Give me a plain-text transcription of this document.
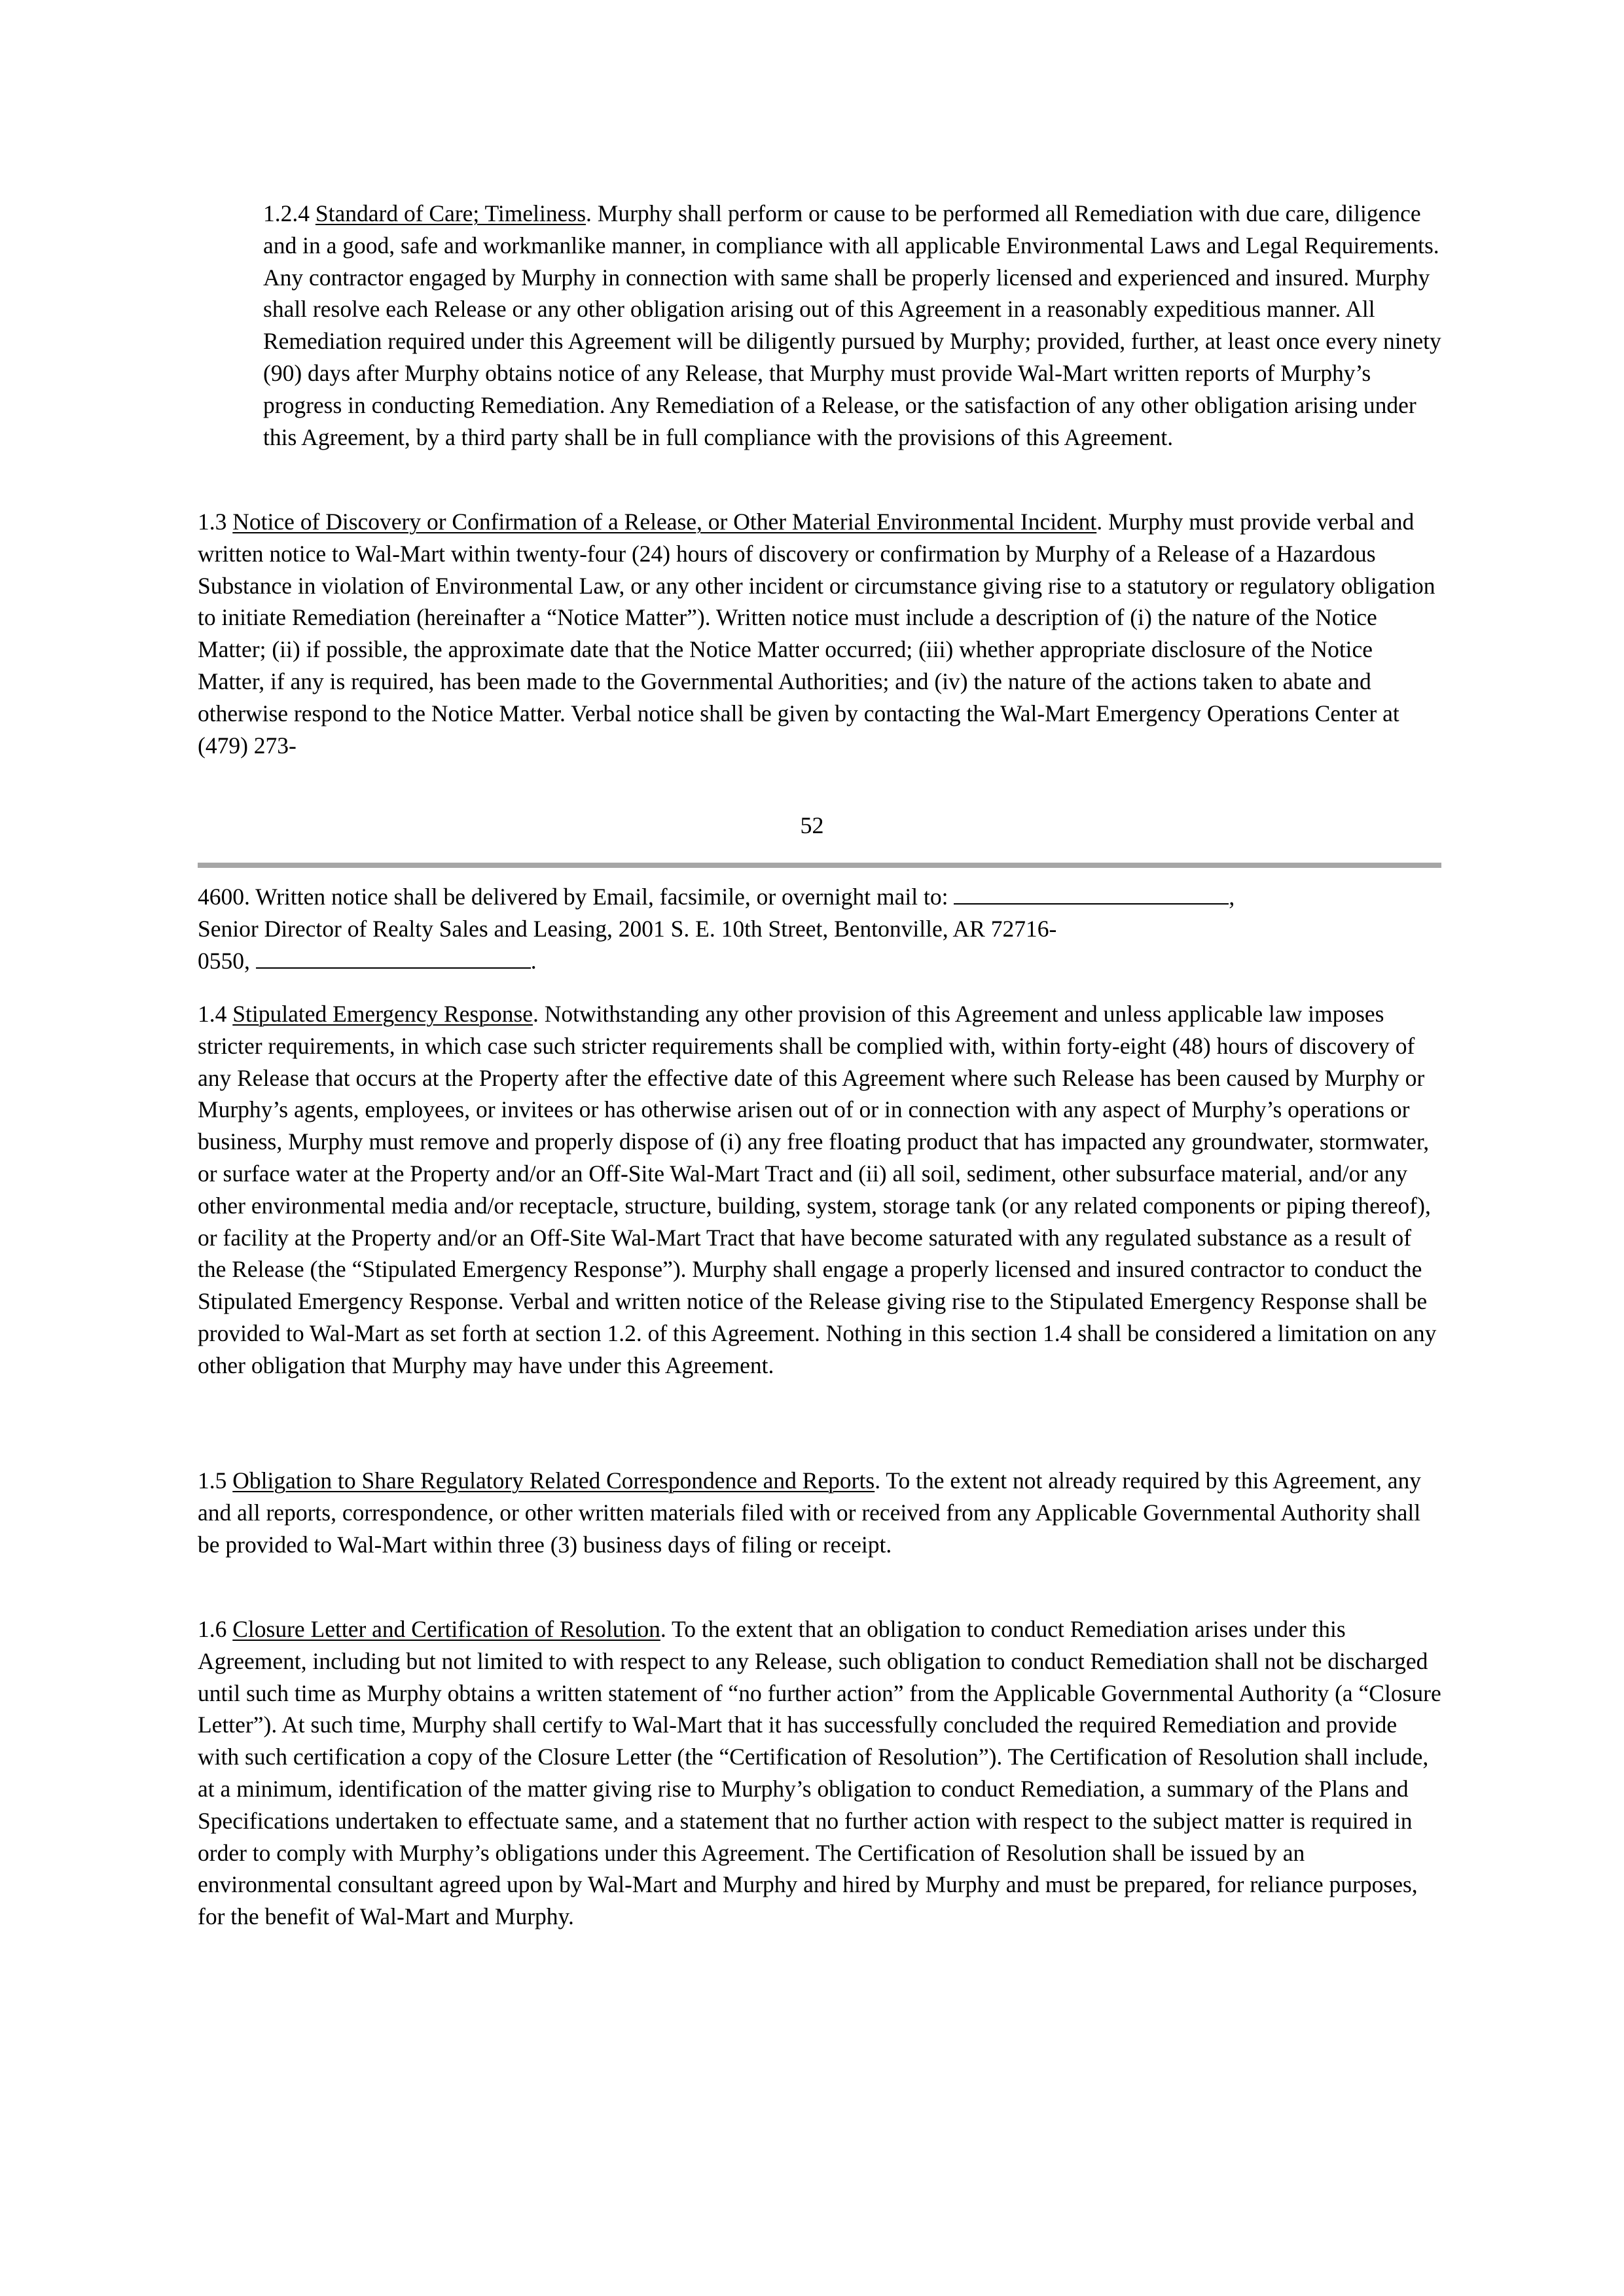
1.2.4 Standard of Care; Timeliness. Murphy shall perform or cause to be performed all Remediation with due care, diligence and in a good, safe and workmanlike manner, in compliance with all applicable Environmental Laws and Legal Requirements. Any contractor engaged by Murphy in connection with same shall be properly licensed and experienced and insured. Murphy shall resolve each Release or any other obligation arising out of this Agreement in a reasonably expeditious manner. All Remediation required under this Agreement will be diligently pursued by Murphy; provided, further, at least once every ninety (90) days after Murphy obtains notice of any Release, that Murphy must provide Wal-Mart written reports of Murphy’s progress in conducting Remediation. Any Remediation of a Release, or the satisfaction of any other obligation arising under this Agreement, by a third party shall be in full compliance with the provisions of this Agreement.

1.3 Notice of Discovery or Confirmation of a Release, or Other Material Environmental Incident. Murphy must provide verbal and written notice to Wal-Mart within twenty-four (24) hours of discovery or confirmation by Murphy of a Release of a Hazardous Substance in violation of Environmental Law, or any other incident or circumstance giving rise to a statutory or regulatory obligation to initiate Remediation (hereinafter a “Notice Matter”). Written notice must include a description of (i) the nature of the Notice Matter; (ii) if possible, the approximate date that the Notice Matter occurred; (iii) whether appropriate disclosure of the Notice Matter, if any is required, has been made to the Governmental Authorities; and (iv) the nature of the actions taken to abate and otherwise respond to the Notice Matter. Verbal notice shall be given by contacting the Wal-Mart Emergency Operations Center at (479) 273-

52

4600. Written notice shall be delivered by Email, facsimile, or overnight mail to:	,
Senior Director of Realty Sales and Leasing, 2001 S. E. 10th Street, Bentonville, AR 72716-
0550,	.

1.4 Stipulated Emergency Response. Notwithstanding any other provision of this Agreement and unless applicable law imposes stricter requirements, in which case such stricter requirements shall be complied with, within forty-eight (48) hours of discovery of any Release that occurs at the Property after the effective date of this Agreement where such Release has been caused by Murphy or Murphy’s agents, employees, or invitees or has otherwise arisen out of or in connection with any aspect of Murphy’s operations or business, Murphy must remove and properly dispose of (i) any free floating product that has impacted any groundwater, stormwater, or surface water at the Property and/or an Off-Site Wal-Mart Tract and (ii) all soil, sediment, other subsurface material, and/or any other environmental media and/or receptacle, structure, building, system, storage tank (or any related components or piping thereof), or facility at the Property and/or an Off-Site Wal-Mart Tract that have become saturated with any regulated substance as a result of the Release (the “Stipulated Emergency Response”). Murphy shall engage a properly licensed and insured contractor to conduct the Stipulated Emergency Response. Verbal and written notice of the Release giving rise to the Stipulated Emergency Response shall be provided to Wal-Mart as set forth at section 1.2. of this Agreement. Nothing in this section 1.4 shall be considered a limitation on any other obligation that Murphy may have under this Agreement.

1.5 Obligation to Share Regulatory Related Correspondence and Reports. To the extent not already required by this Agreement, any and all reports, correspondence, or other written materials filed with or received from any Applicable Governmental Authority shall be provided to Wal-Mart within three (3) business days of filing or receipt.

1.6 Closure Letter and Certification of Resolution. To the extent that an obligation to conduct Remediation arises under this Agreement, including but not limited to with respect to any Release, such obligation to conduct Remediation shall not be discharged until such time as Murphy obtains a written statement of “no further action” from the Applicable Governmental Authority (a “Closure Letter”). At such time, Murphy shall certify to Wal-Mart that it has successfully concluded the required Remediation and provide with such certification a copy of the Closure Letter (the “Certification of Resolution”). The Certification of Resolution shall include, at a minimum, identification of the matter giving rise to Murphy’s obligation to conduct Remediation, a summary of the Plans and Specifications undertaken to effectuate same, and a statement that no further action with respect to the subject matter is required in order to comply with Murphy’s obligations under this Agreement. The Certification of Resolution shall be issued by an environmental consultant agreed upon by Wal-Mart and Murphy and hired by Murphy and must be prepared, for reliance purposes, for the benefit of Wal-Mart and Murphy.
